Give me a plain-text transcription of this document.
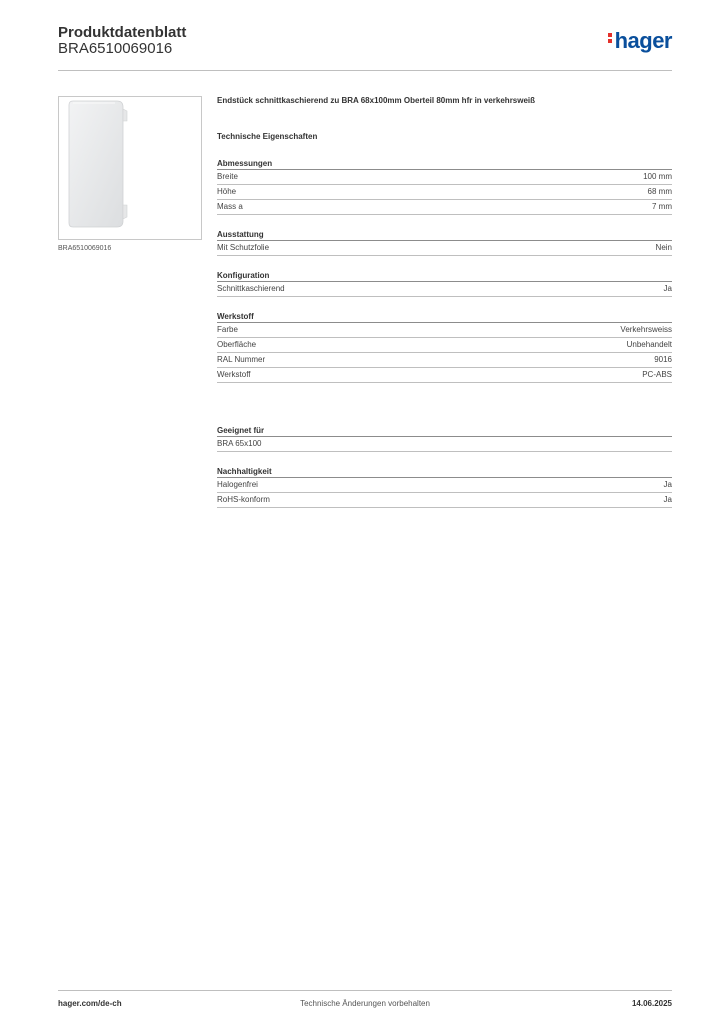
Produktdatenblatt
BRA6510069016	hager
BRA6510069016
Endstück schnittkaschierend zu BRA 68x100mm Oberteil 80mm hfr in verkehrsweiß
Technische Eigenschaften
Abmessungen
Breite	100 mm
Höhe	68 mm
Mass a	7 mm
Ausstattung
Mit Schutzfolie	Nein
Konfiguration
Schnittkaschierend	Ja
Werkstoff
Farbe	Verkehrsweiss
Oberfläche	Unbehandelt
RAL Nummer	9016
Werkstoff	PC-ABS
Geeignet für
BRA 65x100
Nachhaltigkeit
Halogenfrei	Ja
RoHS-konform	Ja
hager.com/de-ch	Technische Änderungen vorbehalten	14.06.2025
